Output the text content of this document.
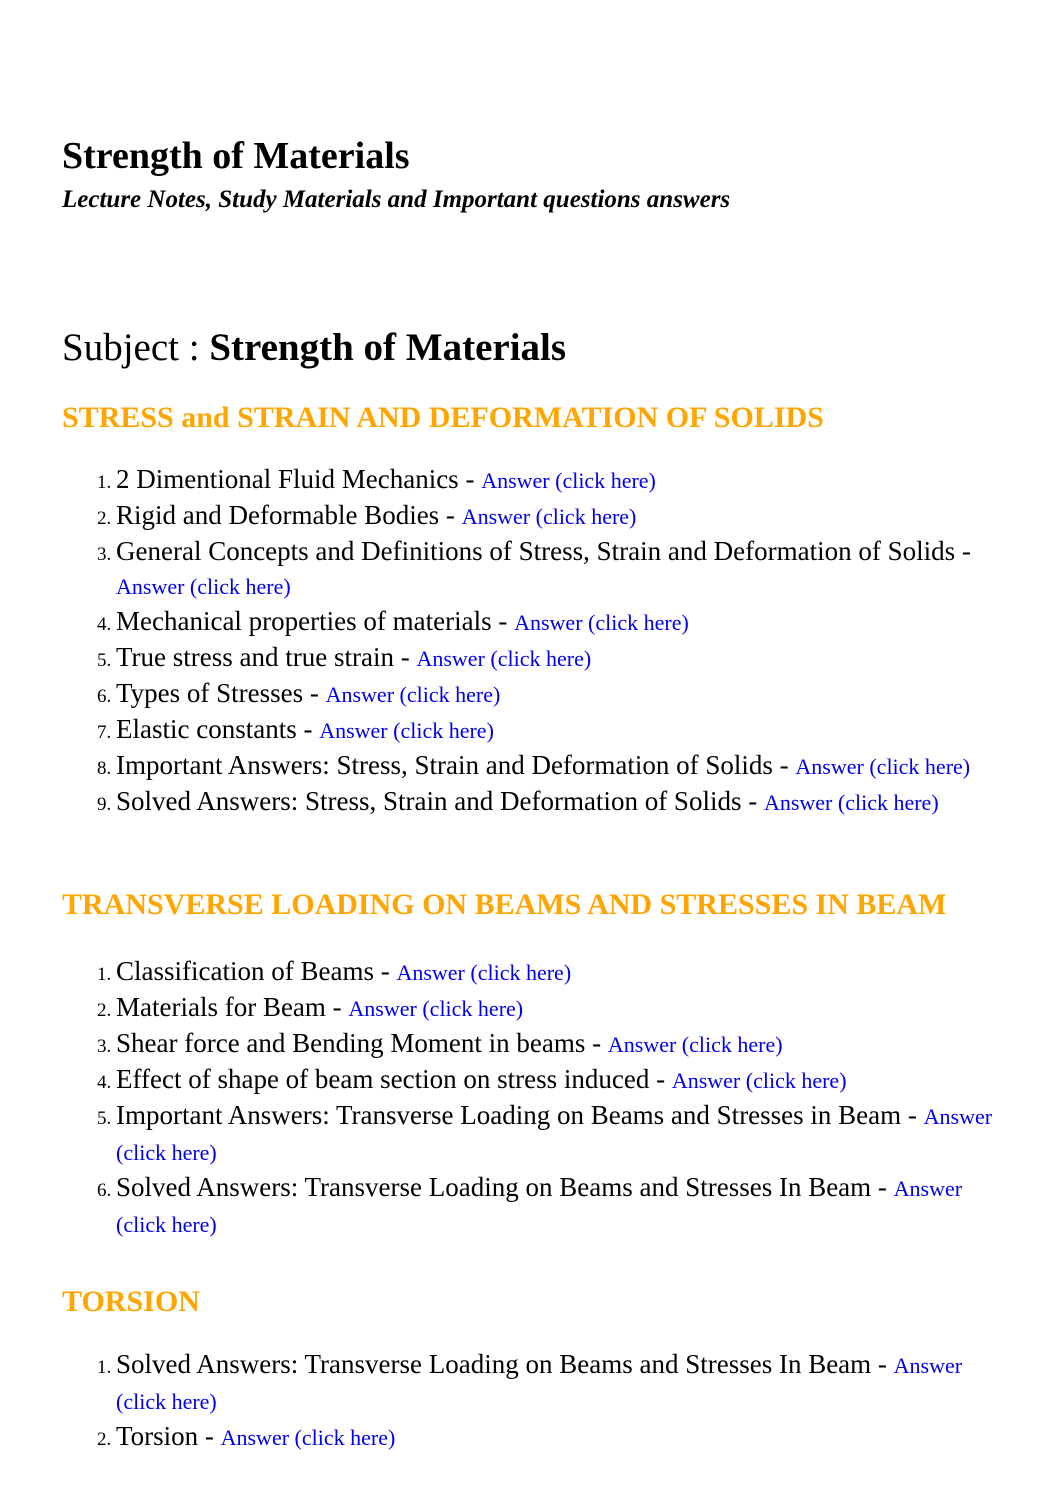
Strength of Materials

Lecture Notes, Study Materials and Important questions answers

Subject : Strength of Materials
STRESS and STRAIN AND DEFORMATION OF SOLIDS
1. 2 Dimentional Fluid Mechanics - Answer (click here)
2. Rigid and Deformable Bodies - Answer (click here)
3. General Concepts and Definitions of Stress, Strain and Deformation of Solids - Answer (click here)
4. Mechanical properties of materials - Answer (click here)
5. True stress and true strain - Answer (click here)
6. Types of Stresses - Answer (click here)
7. Elastic constants - Answer (click here)
8. Important Answers: Stress, Strain and Deformation of Solids - Answer (click here)
9. Solved Answers: Stress, Strain and Deformation of Solids - Answer (click here)
TRANSVERSE LOADING ON BEAMS AND STRESSES IN BEAM
1. Classification of Beams - Answer (click here)
2. Materials for Beam - Answer (click here)
3. Shear force and Bending Moment in beams - Answer (click here)
4. Effect of shape of beam section on stress induced - Answer (click here)
5. Important Answers: Transverse Loading on Beams and Stresses in Beam - Answer (click here)
6. Solved Answers: Transverse Loading on Beams and Stresses In Beam - Answer (click here)
TORSION
1. Solved Answers: Transverse Loading on Beams and Stresses In Beam - Answer (click here)
2. Torsion - Answer (click here)
